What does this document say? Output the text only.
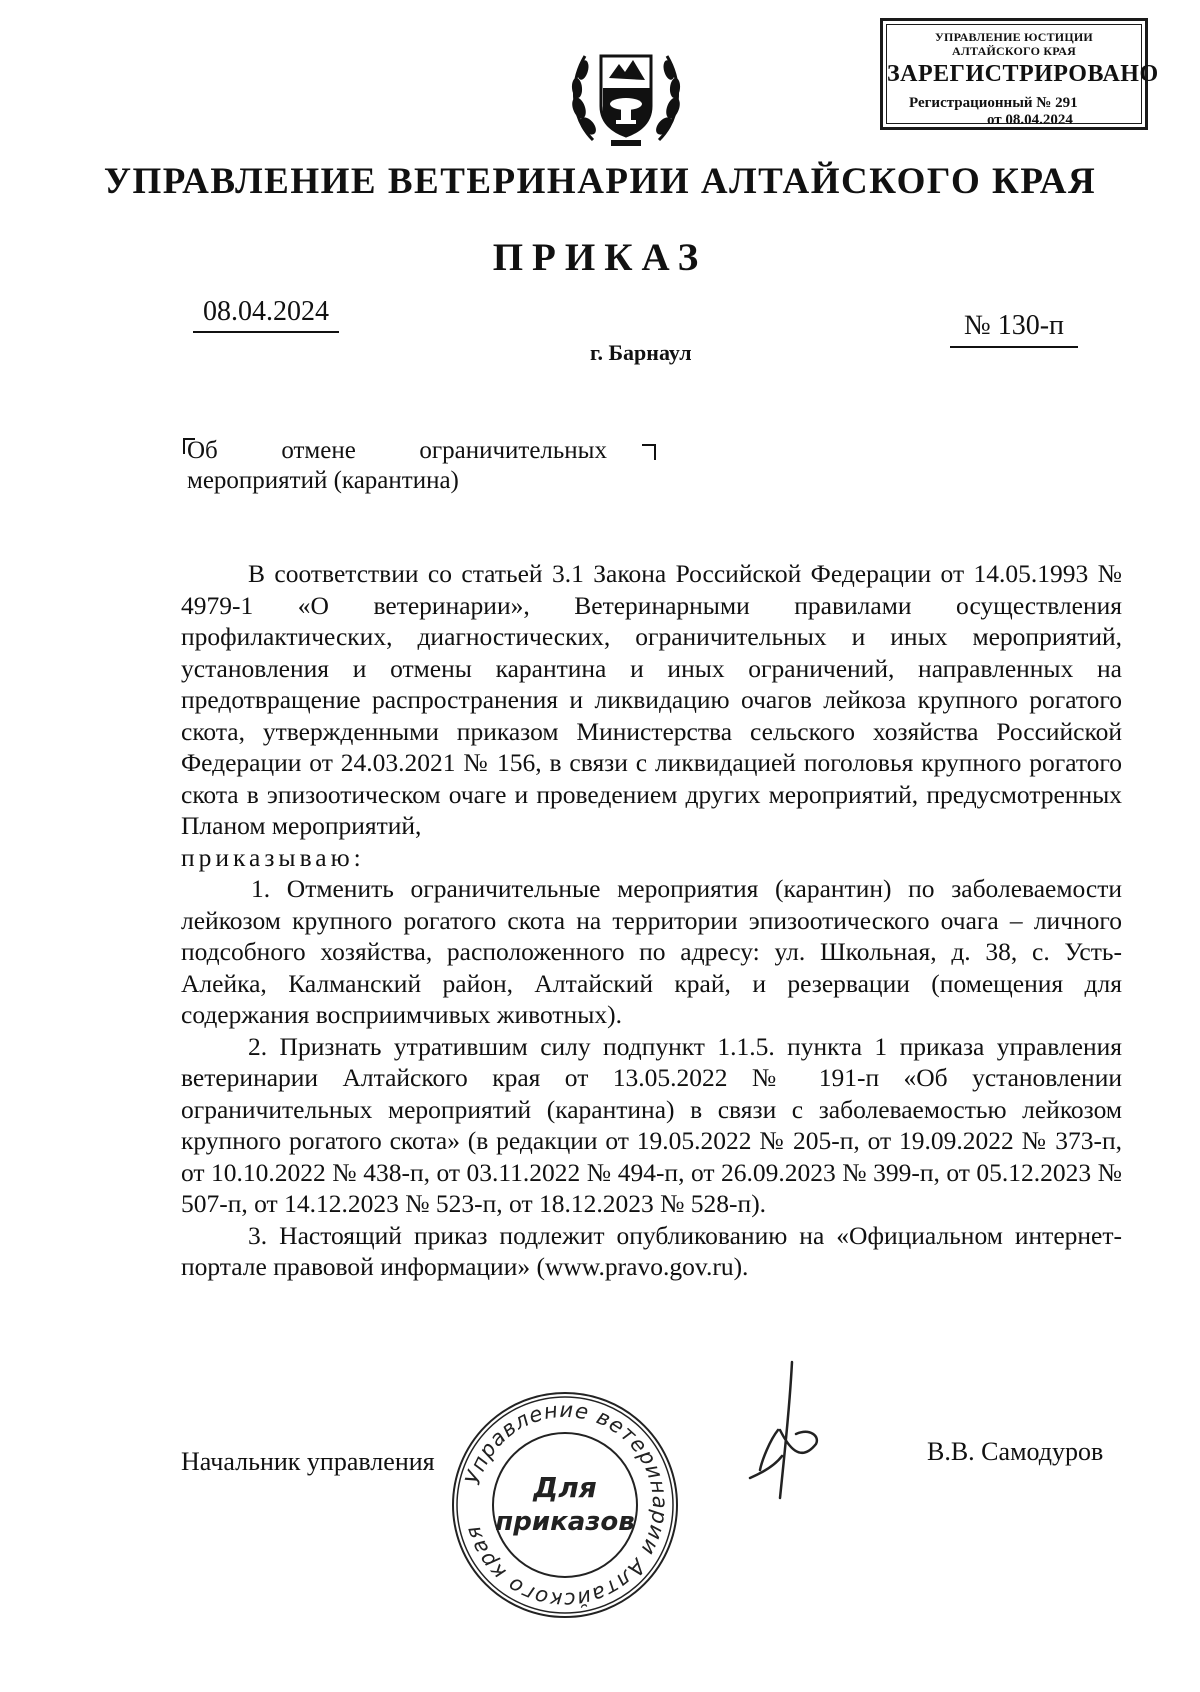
УПРАВЛЕНИЕ ЮСТИЦИИ
АЛТАЙСКОГО КРАЯ
ЗАРЕГИСТРИРОВАНО
Регистрационный № 291
от 08.04.2024
УПРАВЛЕНИЕ ВЕТЕРИНАРИИ АЛТАЙСКОГО КРАЯ
ПРИКАЗ
08.04.2024	№ 130-п
г. Барнаул
Об	отмене	ограничительных
мероприятий (карантина)

В соответствии со статьей 3.1 Закона Российской Федерации от 14.05.1993 № 4979-1 «О ветеринарии», Ветеринарными правилами осуществления профилактических, диагностических, ограничительных и иных мероприятий, установления и отмены карантина и иных ограничений, направленных на предотвращение распространения и ликвидацию очагов лейкоза крупного рогатого скота, утвержденными приказом Министерства сельского хозяйства Российской Федерации от 24.03.2021 № 156, в связи с ликвидацией поголовья крупного рогатого скота в эпизоотическом очаге и проведением других мероприятий, предусмотренных Планом мероприятий,

приказываю:

1. Отменить ограничительные мероприятия (карантин) по заболеваемости лейкозом крупного рогатого скота на территории эпизоотического очага – личного подсобного хозяйства, расположенного по адресу: ул. Школьная, д. 38, с. Усть-Алейка, Калманский район, Алтайский край, и резервации (помещения для содержания восприимчивых животных).

2. Признать утратившим силу подпункт 1.1.5. пункта 1 приказа управления ветеринарии Алтайского края от 13.05.2022 № 191-п «Об установлении ограничительных мероприятий (карантина) в связи с заболеваемостью лейкозом крупного рогатого скота» (в редакции от 19.05.2022 № 205-п, от 19.09.2022 № 373-п, от 10.10.2022 № 438-п, от 03.11.2022 № 494-п, от 26.09.2023 № 399-п, от 05.12.2023 № 507-п, от 14.12.2023 № 523-п, от 18.12.2023 № 528-п).

3. Настоящий приказ подлежит опубликованию на «Официальном интернет-портале правовой информации» (www.pravo.gov.ru).

Начальник управления	В.В. Самодуров
Управление ветеринарии Алтайского края
Для
приказов
